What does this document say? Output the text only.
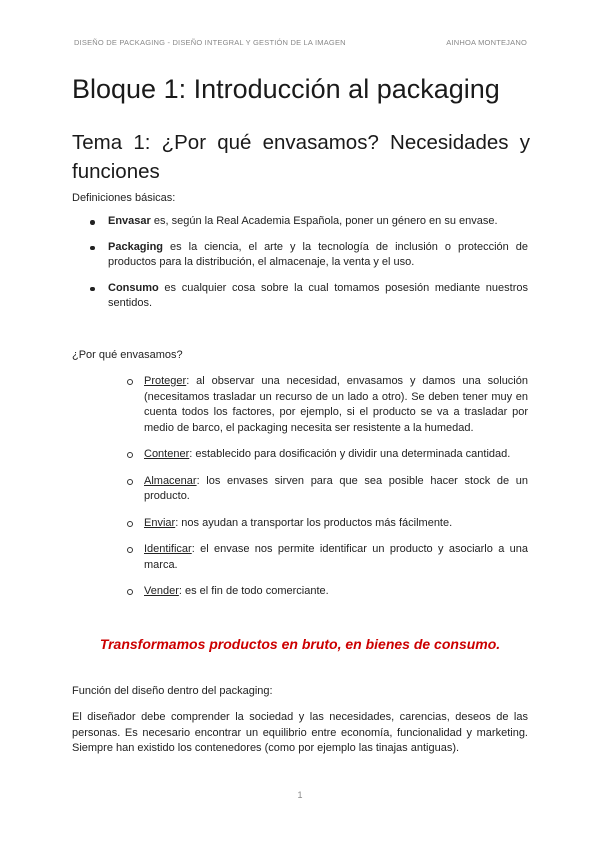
DISEÑO DE PACKAGING - DISEÑO INTEGRAL Y GESTIÓN DE LA IMAGEN	AINHOA MONTEJANO
Bloque 1: Introducción al packaging
Tema 1: ¿Por qué envasamos? Necesidades y funciones

Definiciones básicas:

Envasar es, según la Real Academia Española, poner un género en su envase.
Packaging es la ciencia, el arte y la tecnología de inclusión o protección de productos para la distribución, el almacenaje, la venta y el uso.
Consumo es cualquier cosa sobre la cual tomamos posesión mediante nuestros sentidos.

¿Por qué envasamos?

Proteger: al observar una necesidad, envasamos y damos una solución (necesitamos trasladar un recurso de un lado a otro). Se deben tener muy en cuenta todos los factores, por ejemplo, si el producto se va a trasladar por medio de barco, el packaging necesita ser resistente a la humedad.
Contener: establecido para dosificación y dividir una determinada cantidad.
Almacenar: los envases sirven para que sea posible hacer stock de un producto.
Enviar: nos ayudan a transportar los productos más fácilmente.
Identificar: el envase nos permite identificar un producto y asociarlo a una marca.
Vender: es el fin de todo comerciante.

Transformamos productos en bruto, en bienes de consumo.

Función del diseño dentro del packaging:

El diseñador debe comprender la sociedad y las necesidades, carencias, deseos de las personas. Es necesario encontrar un equilibrio entre economía, funcionalidad y marketing. Siempre han existido los contenedores (como por ejemplo las tinajas antiguas).

1
